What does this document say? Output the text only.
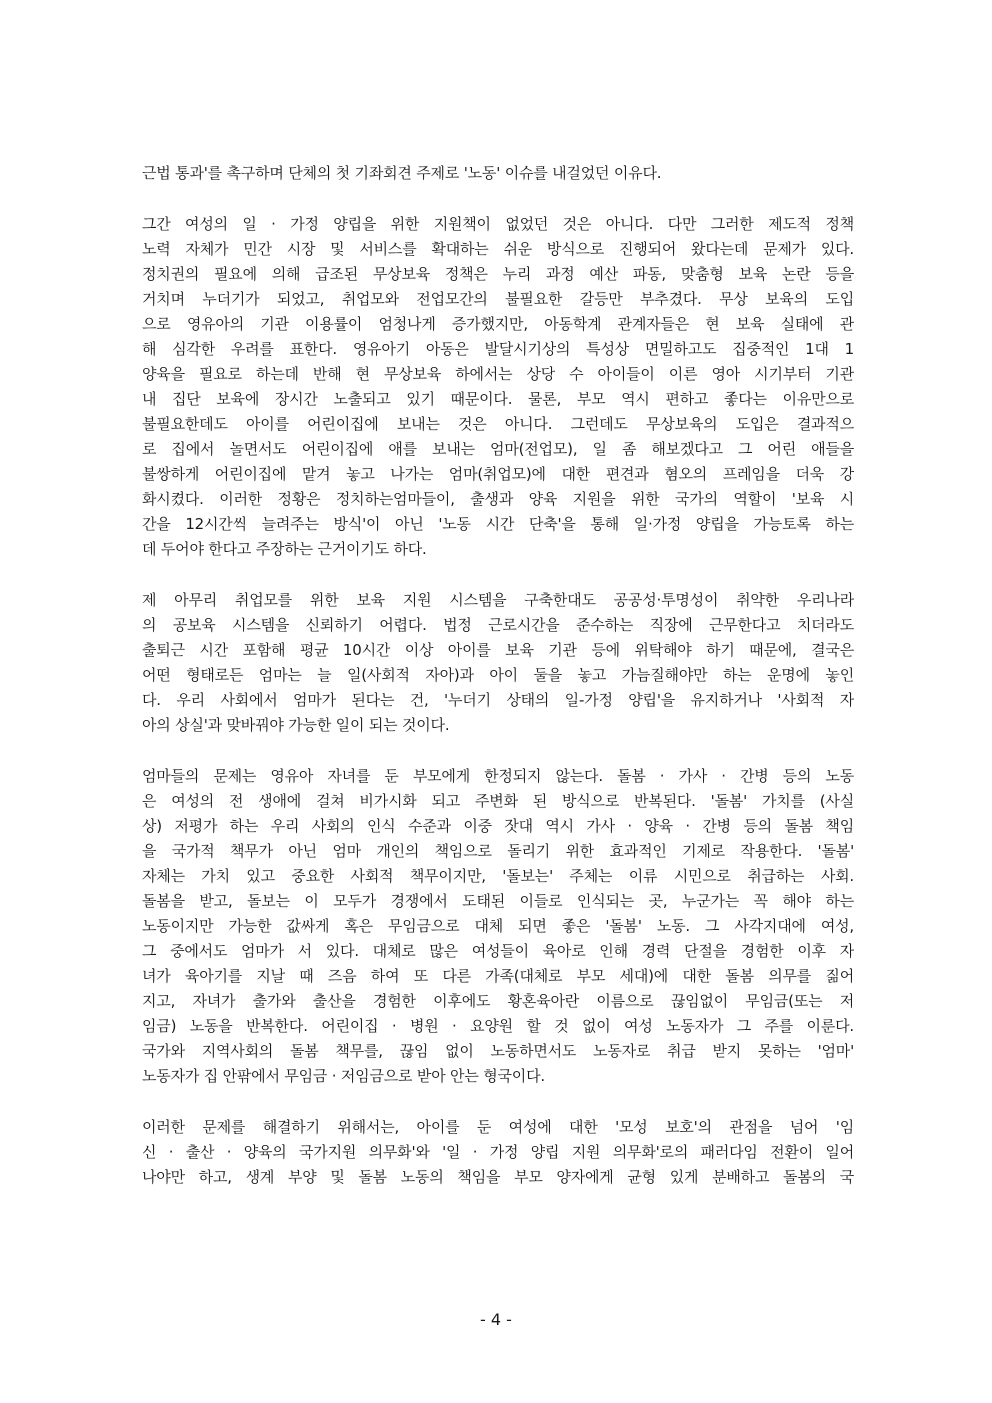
근법 통과'를 촉구하며 단체의 첫 기좌회견 주제로 '노동' 이슈를 내걸었던 이유다.
그간 여성의 일 · 가정 양립을 위한 지원책이 없었던 것은 아니다. 다만 그러한 제도적 정책
노력 자체가 민간 시장 및 서비스를 확대하는 쉬운 방식으로 진행되어 왔다는데 문제가 있다.
정치권의 필요에 의해 급조된 무상보육 정책은 누리 과정 예산 파동, 맞춤형 보육 논란 등을
거치며 누더기가 되었고, 취업모와 전업모간의 불필요한 갈등만 부추겼다. 무상 보육의 도입
으로 영유아의 기관 이용률이 엄청나게 증가했지만, 아동학계 관계자들은 현 보육 실태에 관
해 심각한 우려를 표한다. 영유아기 아동은 발달시기상의 특성상 면밀하고도 집중적인 1대 1
양육을 필요로 하는데 반해 현 무상보육 하에서는 상당 수 아이들이 이른 영아 시기부터 기관
내 집단 보육에 장시간 노출되고 있기 때문이다. 물론, 부모 역시 편하고 좋다는 이유만으로
불필요한데도 아이를 어린이집에 보내는 것은 아니다. 그런데도 무상보육의 도입은 결과적으
로 집에서 놀면서도 어린이집에 애를 보내는 엄마(전업모), 일 좀 해보겠다고 그 어린 애들을
불쌍하게 어린이집에 맡겨 놓고 나가는 엄마(취업모)에 대한 편견과 혐오의 프레임을 더욱 강
화시켰다. 이러한 정황은 정치하는엄마들이, 출생과 양육 지원을 위한 국가의 역할이 '보육 시
간을 12시간씩 늘려주는 방식'이 아닌 '노동 시간 단축'을 통해 일·가정 양립을 가능토록 하는
데 두어야 한다고 주장하는 근거이기도 하다.
제 아무리 취업모를 위한 보육 지원 시스템을 구축한대도 공공성·투명성이 취약한 우리나라
의 공보육 시스템을 신뢰하기 어렵다. 법정 근로시간을 준수하는 직장에 근무한다고 치더라도
출퇴근 시간 포함해 평균 10시간 이상 아이를 보육 기관 등에 위탁해야 하기 때문에, 결국은
어떤 형태로든 엄마는 늘 일(사회적 자아)과 아이 둘을 놓고 가늠질해야만 하는 운명에 놓인
다. 우리 사회에서 엄마가 된다는 건, '누더기 상태의 일-가정 양립'을 유지하거나 '사회적 자
아의 상실'과 맞바꿔야 가능한 일이 되는 것이다.
엄마들의 문제는 영유아 자녀를 둔 부모에게 한정되지 않는다. 돌봄 · 가사 · 간병 등의 노동
은 여성의 전 생애에 걸쳐 비가시화 되고 주변화 된 방식으로 반복된다. '돌봄' 가치를 (사실
상) 저평가 하는 우리 사회의 인식 수준과 이중 잣대 역시 가사 · 양육 · 간병 등의 돌봄 책임
을 국가적 책무가 아닌 엄마 개인의 책임으로 돌리기 위한 효과적인 기제로 작용한다. '돌봄'
자체는 가치 있고 중요한 사회적 책무이지만, '돌보는' 주체는 이류 시민으로 취급하는 사회.
돌봄을 받고, 돌보는 이 모두가 경쟁에서 도태된 이들로 인식되는 곳, 누군가는 꼭 해야 하는
노동이지만 가능한 값싸게 혹은 무임금으로 대체 되면 좋은 '돌봄' 노동. 그 사각지대에 여성,
그 중에서도 엄마가 서 있다. 대체로 많은 여성들이 육아로 인해 경력 단절을 경험한 이후 자
녀가 육아기를 지날 때 즈음 하여 또 다른 가족(대체로 부모 세대)에 대한 돌봄 의무를 짊어
지고, 자녀가 출가와 출산을 경험한 이후에도 황혼육아란 이름으로 끊임없이 무임금(또는 저
임금) 노동을 반복한다. 어린이집 · 병원 · 요양원 할 것 없이 여성 노동자가 그 주를 이룬다.
국가와 지역사회의 돌봄 책무를, 끊임 없이 노동하면서도 노동자로 취급 받지 못하는 '엄마'
노동자가 집 안팎에서 무임금 · 저임금으로 받아 안는 형국이다.
이러한 문제를 해결하기 위해서는, 아이를 둔 여성에 대한 '모성 보호'의 관점을 넘어 '임
신 · 출산 · 양육의 국가지원 의무화'와 '일 · 가정 양립 지원 의무화'로의 패러다임 전환이 일어
나야만 하고, 생계 부양 및 돌봄 노동의 책임을 부모 양자에게 균형 있게 분배하고 돌봄의 국
- 4 -
